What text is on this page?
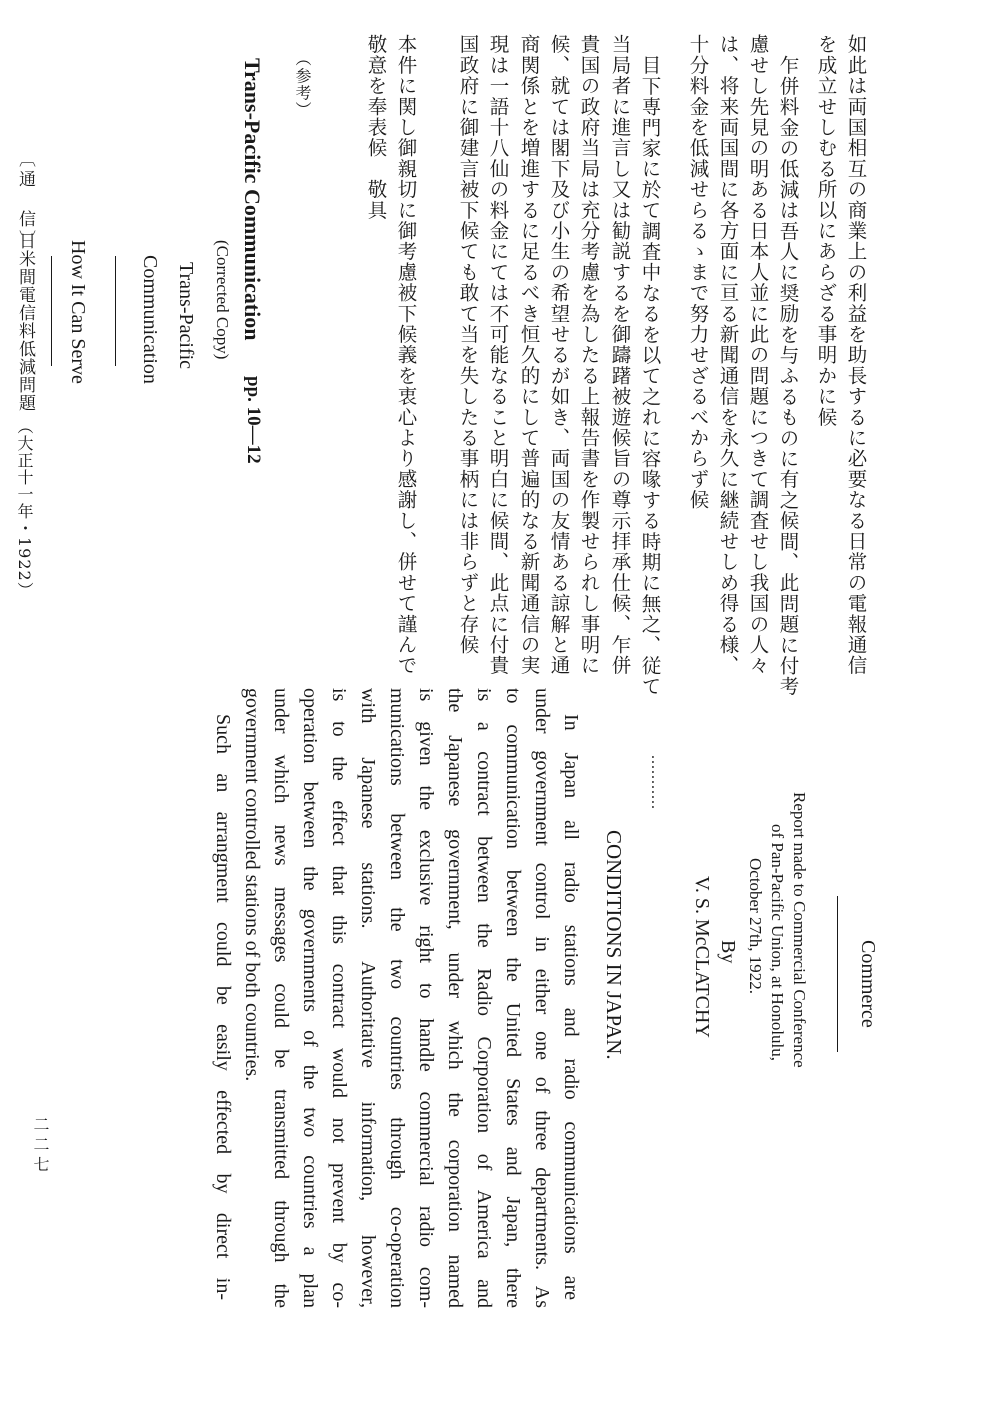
如此は両国相互の商業上の利益を助長するに必要なる日常の電報通信
を成立せしむる所以にあらざる事明かに候
乍併料金の低減は吾人に奨励を与ふるものに有之候間、此問題に付考
慮せし先見の明ある日本人並に此の問題につきて調査せし我国の人々
は、将来両国間に各方面に亘る新聞通信を永久に継続せしめ得る様、
十分料金を低減せらるゝまで努力せざるべからず候
目下専門家に於て調査中なるを以て之れに容喙する時期に無之、従て
当局者に進言し又は勧説するを御躊躇被遊候旨の尊示拝承仕候、乍併
貴国の政府当局は充分考慮を為したる上報告書を作製せられし事明に
候、就ては閣下及び小生の希望せるが如き、両国の友情ある諒解と通
商関係とを増進するに足るべき恒久的にして普遍的なる新聞通信の実
現は一語十八仙の料金にては不可能なること明白に候間、此点に付貴
国政府に御建言被下候ても敢て当を失したる事柄には非らずと存候
本件に関し御親切に御考慮被下候義を衷心より感謝し、併せて謹んで
敬意を奉表候　敬具
（参考）
〔通　信〕
日米間電信料低減問題
（大正十一年・1922）
二二七
Trans-Pacific Communication
pp. 10—12
(Corrected Copy)
Trans-Pacific
Communication
How It Can Serve
Commerce
Report made to Commercial Conference
of Pan-Pacific Union, at Honolulu,
October 27th, 1922.
By
V. S. McCLATCHY
...........
CONDITIONS IN JAPAN.
In Japan all radio stations and radio communications are
under government control in either one of three departments. As
to communication between the United States and Japan, there
is a contract between the Radio Corporation of America and
the Japanese government, under which the corporation named
is given the exclusive right to handle commercial radio com-
munications between the two countries through co-operation
with Japanese stations. Authoritative information, however,
is to the effect that this contract would not prevent by co-
operation between the governments of the two countries a plan
under which news messages could be transmitted through the
government controlled stations of both countries.
Such an arrangment could be easily effected by direct in-
